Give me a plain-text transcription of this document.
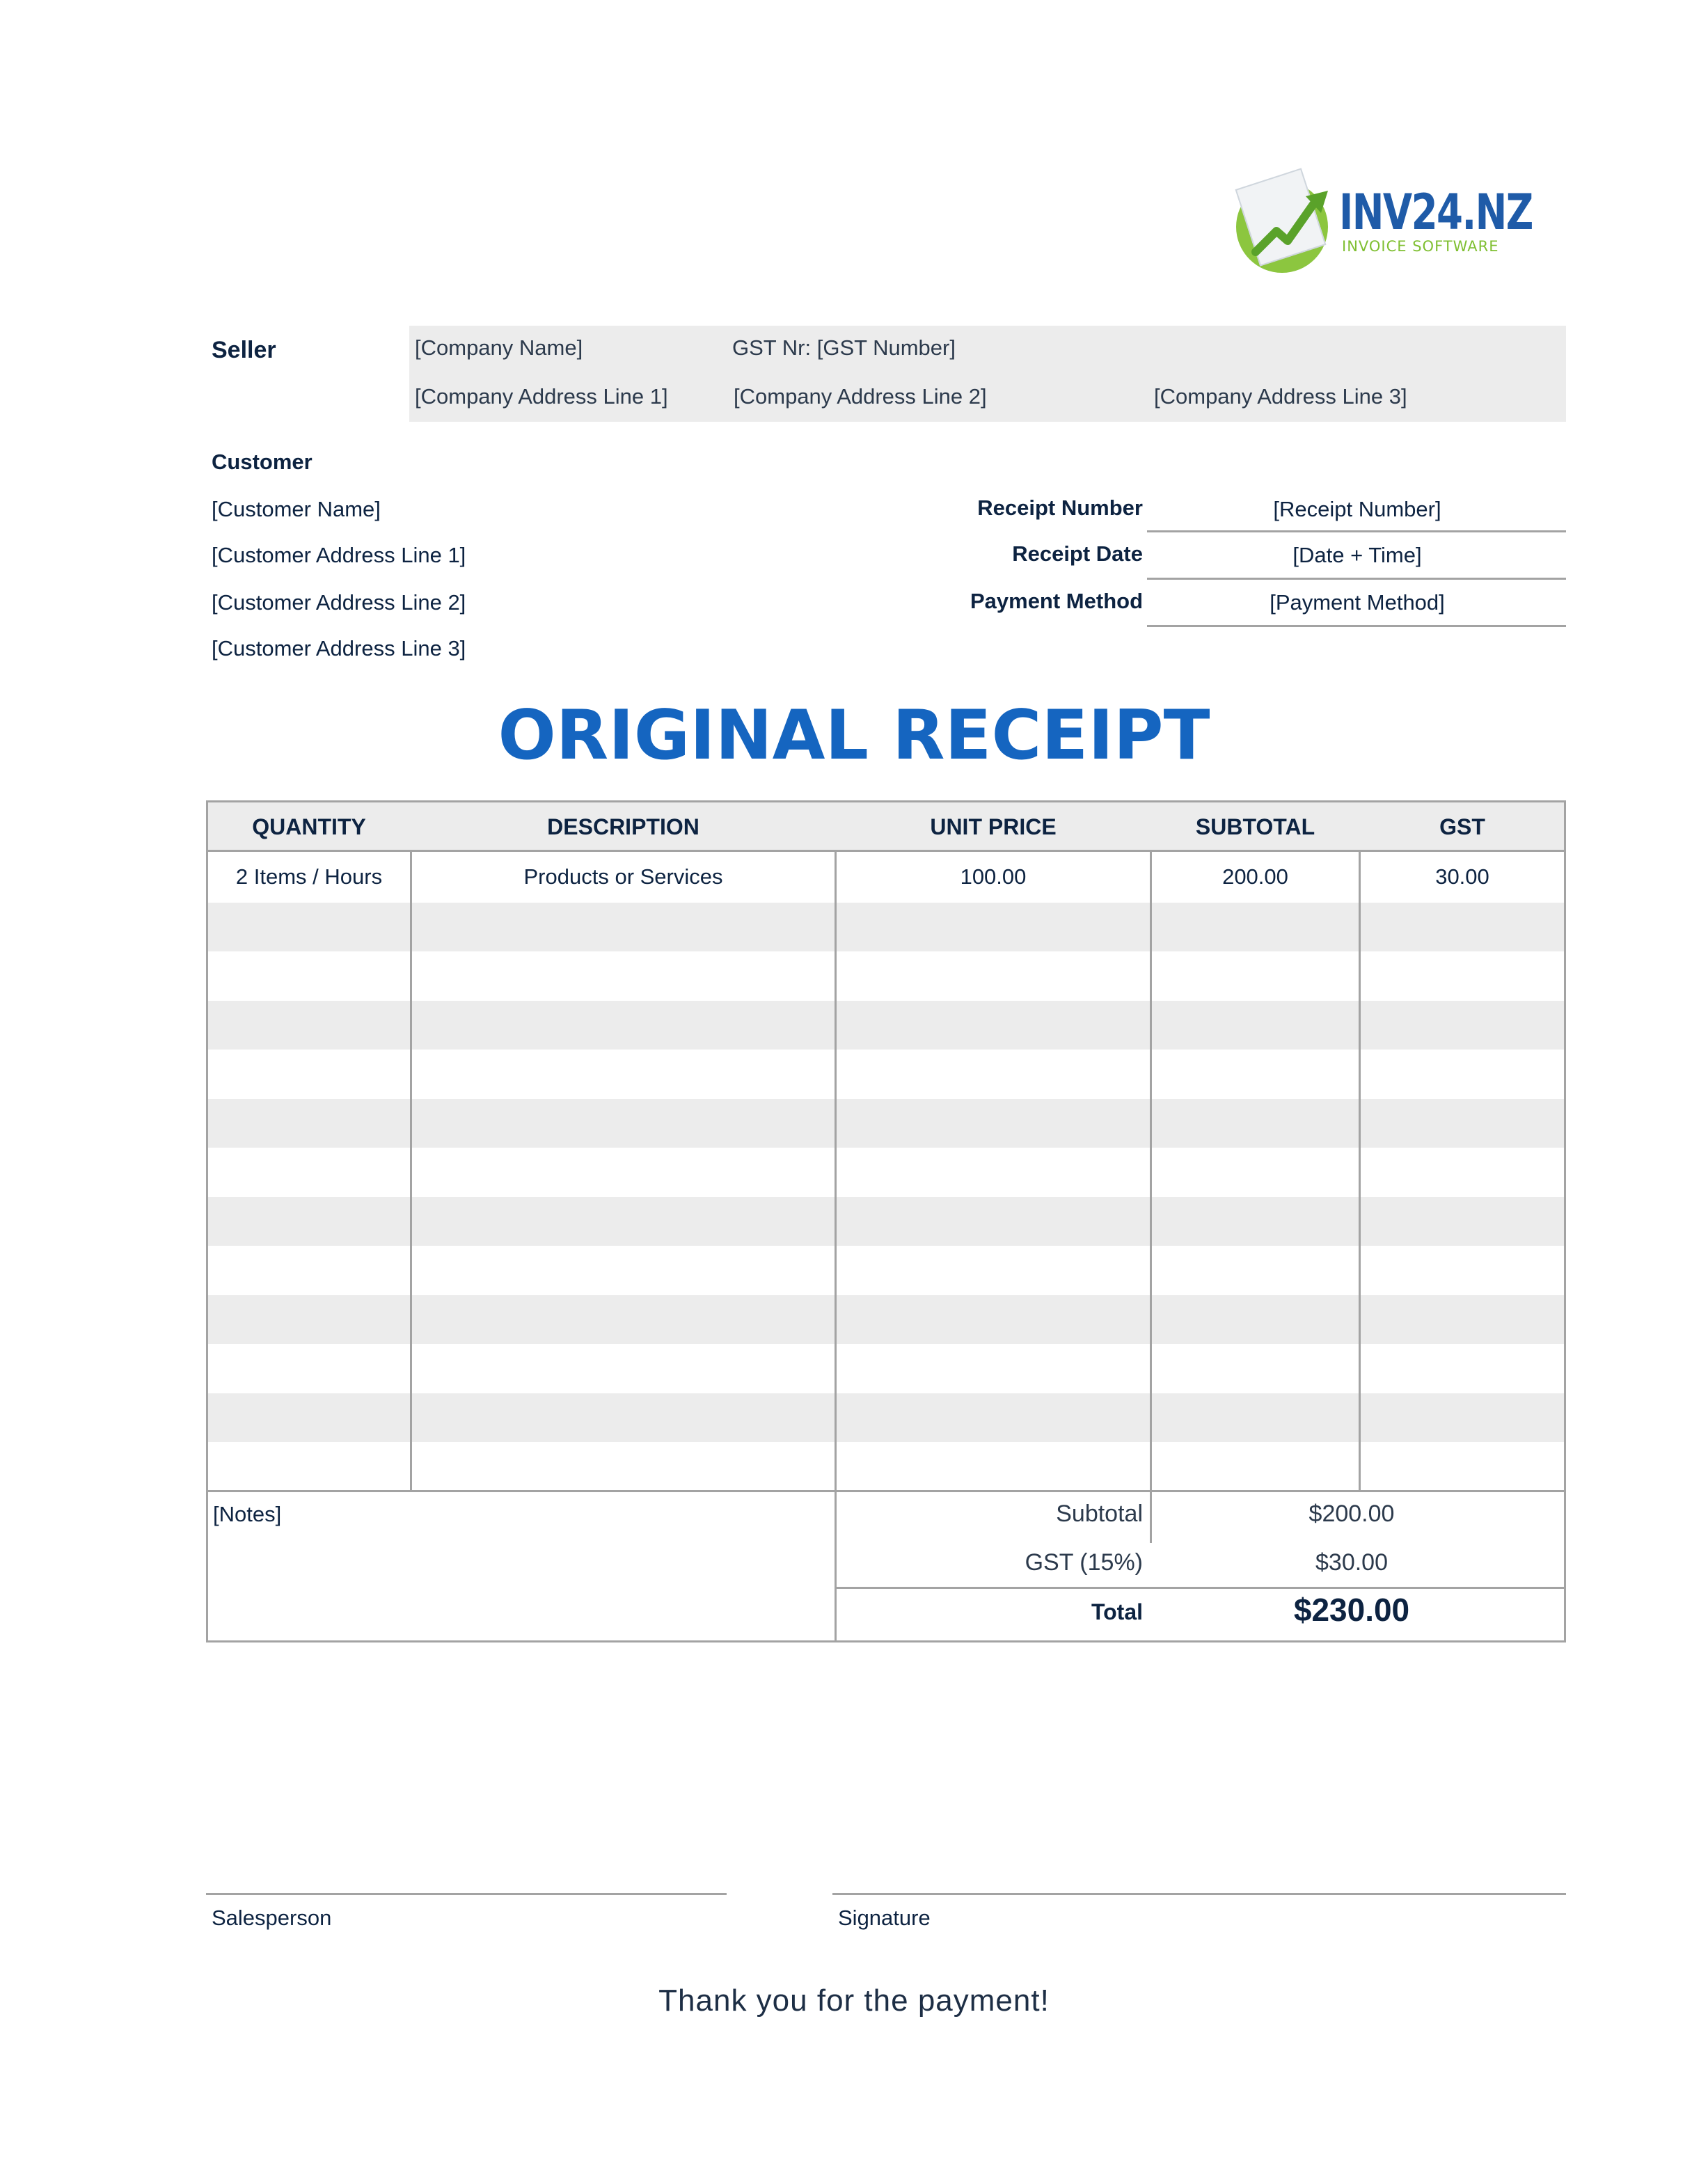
INV24.NZ
INVOICE SOFTWARE
Seller	[Company Name]	GST Nr: [GST Number]
[Company Address Line 1]	[Company Address Line 2]	[Company Address Line 3]
Customer
[Customer Name]
[Customer Address Line 1]
[Customer Address Line 2]
[Customer Address Line 3]
Receipt Number	[Receipt Number]
Receipt Date	[Date + Time]
Payment Method	[Payment Method]
ORIGINAL RECEIPT
QUANTITY	DESCRIPTION	UNIT PRICE	SUBTOTAL	GST
2 Items / Hours	Products or Services	100.00	200.00	30.00
[Notes]	Subtotal	$200.00
GST (15%)	$30.00
Total	$230.00
Salesperson	Signature
Thank you for the payment!
